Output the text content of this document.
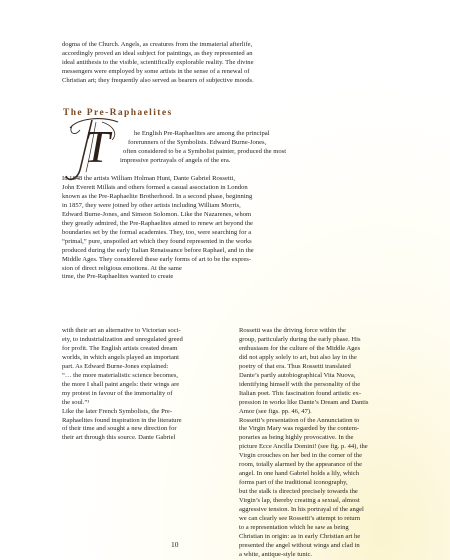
dogma of the Church. Angels, as creatures from the immaterial afterlife,
accordingly proved an ideal subject for paintings, as they represented an
ideal antithesis to the visible, scientifically explorable reality. The divine
messengers were employed by some artists in the sense of a renewal of
Christian art; they frequently also served as bearers of subjective moods.
The Pre-Raphaelites
T	he English Pre-Raphaelites are among the principal
forerunners of the Symbolists. Edward Burne-Jones,
often considered to be a Symbolist painter, produced the most
impressive portrayals of angels of the era.
In 1848 the artists William Holman Hunt, Dante Gabriel Rossetti,
John Everett Millais and others formed a casual association in London
known as the Pre-Raphaelite Brotherhood. In a second phase, beginning
in 1857, they were joined by other artists including William Morris,
Edward Burne-Jones, and Simeon Solomon. Like the Nazarenes, whom
they greatly admired, the Pre-Raphaelites aimed to renew art beyond the
boundaries set by the formal academies. They, too, were searching for a
“primal,” pure, unspoiled art which they found represented in the works
produced during the early Italian Renaissance before Raphael, and in the
Middle Ages. They considered these early forms of art to be the expres-
sion of direct religious emotions. At the same
time, the Pre-Raphaelites wanted to create
with their art an alternative to Victorian soci-
ety, to industrialization and unregulated greed
for profit. The English artists created dream
worlds, in which angels played an important
part. As Edward Burne-Jones explained:
“… the more materialistic science becomes,
the more I shall paint angels: their wings are
my protest in favour of the immortality of
the soul.”¹
Like the later French Symbolists, the Pre-
Raphaelites found inspiration in the literature
of their time and sought a new direction for
their art through this source. Dante Gabriel
Rossetti was the driving force within the
group, particularly during the early phase. His
enthusiasm for the culture of the Middle Ages
did not apply solely to art, but also lay in the
poetry of that era. Thus Rossetti translated
Dante’s partly autobiographical Vita Nuova,
identifying himself with the personality of the
Italian poet. This fascination found artistic ex-
pression in works like Dante’s Dream and Dantis
Amor (see figs. pp. 46, 47).
Rossetti’s presentation of the Annunciation to
the Virgin Mary was regarded by the contem-
poraries as being highly provocative. In the
picture Ecce Ancilla Domini! (see fig. p. 44), the
Virgin crouches on her bed in the corner of the
room, totally alarmed by the appearance of the
angel. In one hand Gabriel holds a lily, which
forms part of the traditional iconography,
but the stalk is directed precisely towards the
Virgin’s lap, thereby creating a sexual, almost
aggressive tension. In his portrayal of the angel
we can clearly see Rossetti’s attempt to return
to a representation which he saw as being
Christian in origin: as in early Christian art he
presented the angel without wings and clad in
a white, antique-style tunic.

10
